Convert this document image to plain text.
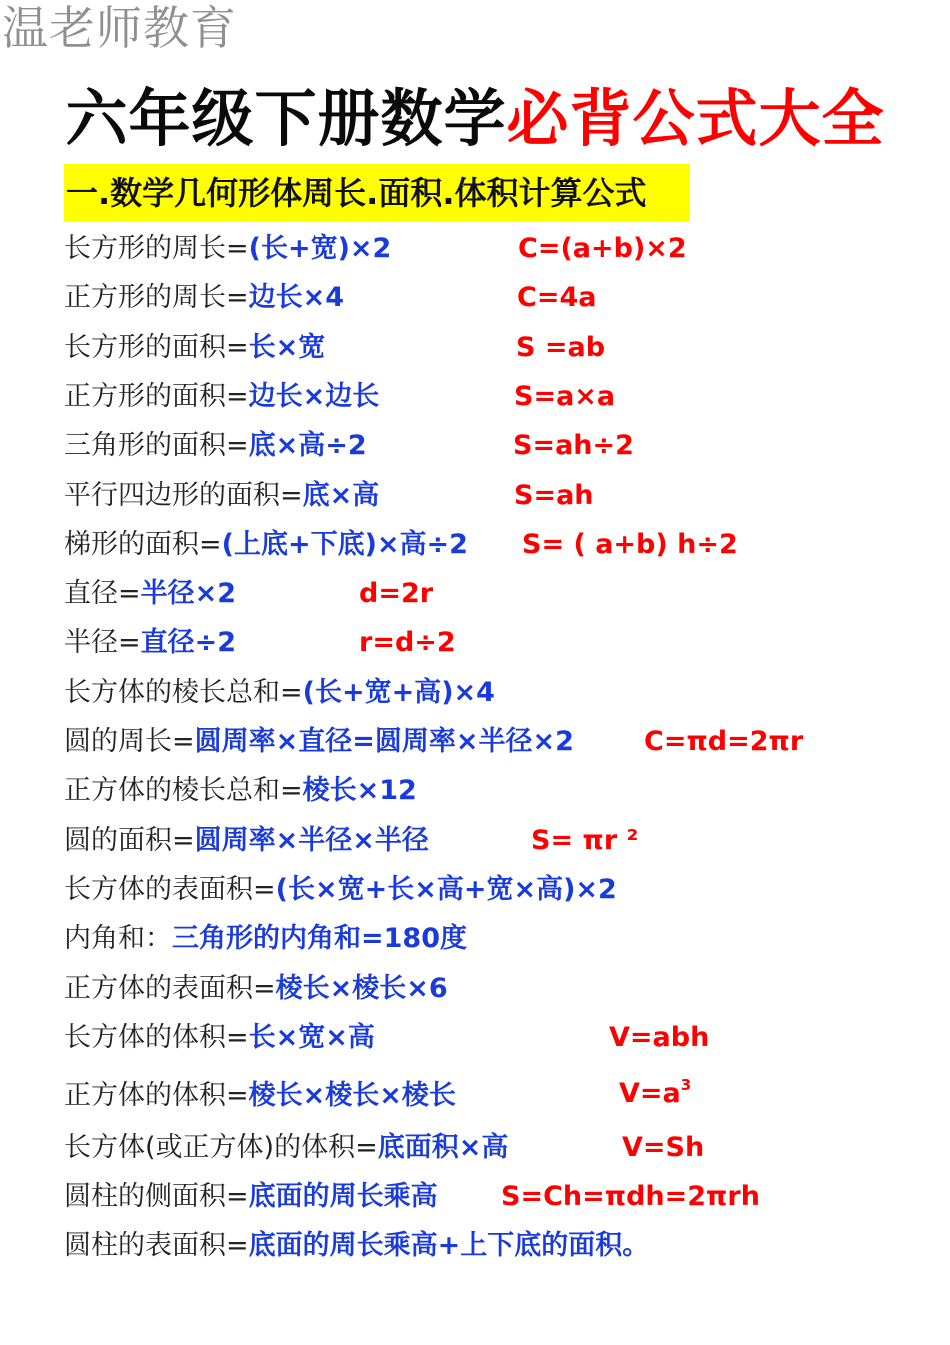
温老师教育
六年级下册数学必背公式大全
一.数学几何形体周长.面积.体积计算公式
长方形的周长=(长+宽)×2	C=(a+b)×2
正方形的周长=边长×4	C=4a
长方形的面积=长×宽	S =ab
正方形的面积=边长×边长	S=a×a
三角形的面积=底×高÷2	S=ah÷2
平行四边形的面积=底×高	S=ah
梯形的面积=(上底+下底)×高÷2 S= ( a+b) h÷2
直径=半径×2	d=2r
半径=直径÷2	r=d÷2
长方体的棱长总和=(长+宽+高)×4
圆的周长=圆周率×直径=圆周率×半径×2	C=πd=2πr
正方体的棱长总和=棱长×12
圆的面积=圆周率×半径×半径	S= πr ²
长方体的表面积=(长×宽+长×高+宽×高)×2
内角和：三角形的内角和=180度
正方体的表面积=棱长×棱长×6
长方体的体积=长×宽×高	V=abh
正方体的体积=棱长×棱长×棱长	$V=a^3$
长方体(或正方体)的体积=底面积×高	V=Sh
圆柱的侧面积=底面的周长乘高 S=Ch=πdh=2πrh
圆柱的表面积=底面的周长乘高+上下底的面积。
